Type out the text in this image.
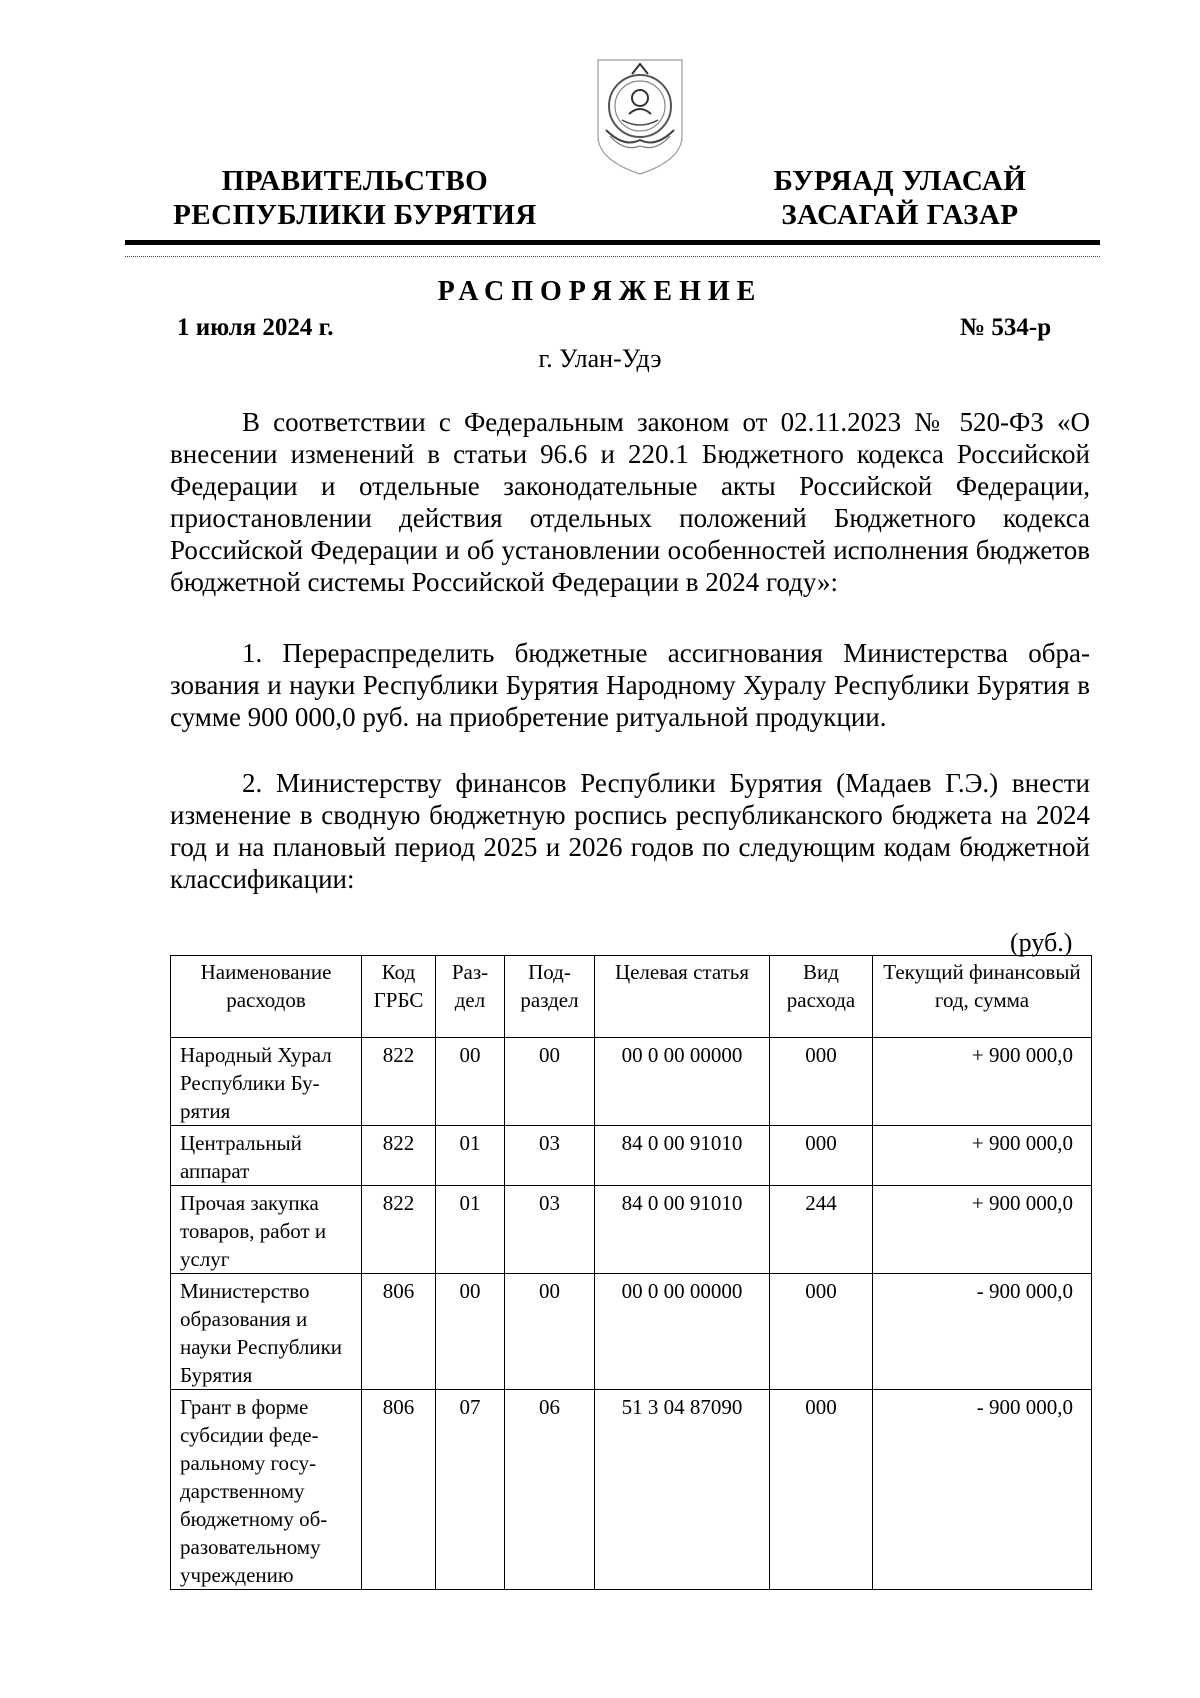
ПРАВИТЕЛЬСТВО
РЕСПУБЛИКИ БУРЯТИЯ
БУРЯАД УЛАСАЙ
ЗАСАГАЙ ГАЗАР
РАСПОРЯЖЕНИЕ
1 июля 2024 г.	№ 534-р
г. Улан-Удэ
В соответствии с Федеральным законом от 02.11.2023 № 520-ФЗ «О внесении изменений в статьи 96.6 и 220.1 Бюджетного кодекса Российской Федерации и отдельные законодательные акты Российской Федерации, приостановлении действия отдельных положений Бюджетного кодекса Российской Федерации и об установлении особенностей исполнения бюджетов бюджетной системы Российской Федерации в 2024 году»:
1. Перераспределить бюджетные ассигнования Министерства образования и науки Республики Бурятия Народному Хуралу Республики Бурятия в сумме 900 000,0 руб. на приобретение ритуальной продукции.
2. Министерству финансов Республики Бурятия (Мадаев Г.Э.) внести изменение в сводную бюджетную роспись республиканского бюджета на 2024 год и на плановый период 2025 и 2026 годов по следующим кодам бюджетной классификации:
(руб.)
Наименование расходов	Код ГРБС	Раздел	Подраздел	Целевая статья	Вид расхода	Текущий финансовый год, сумма
Народный Хурал Республики Бурятия	822	00	00	00 0 00 00000	000	+ 900 000,0
Центральный аппарат	822	01	03	84 0 00 91010	000	+ 900 000,0
Прочая закупка товаров, работ и услуг	822	01	03	84 0 00 91010	244	+ 900 000,0
Министерство образования и науки Республики Бурятия	806	00	00	00 0 00 00000	000	- 900 000,0
Грант в форме субсидии федеральному государственному бюджетному образовательному учреждению	806	07	06	51 3 04 87090	000	- 900 000,0
